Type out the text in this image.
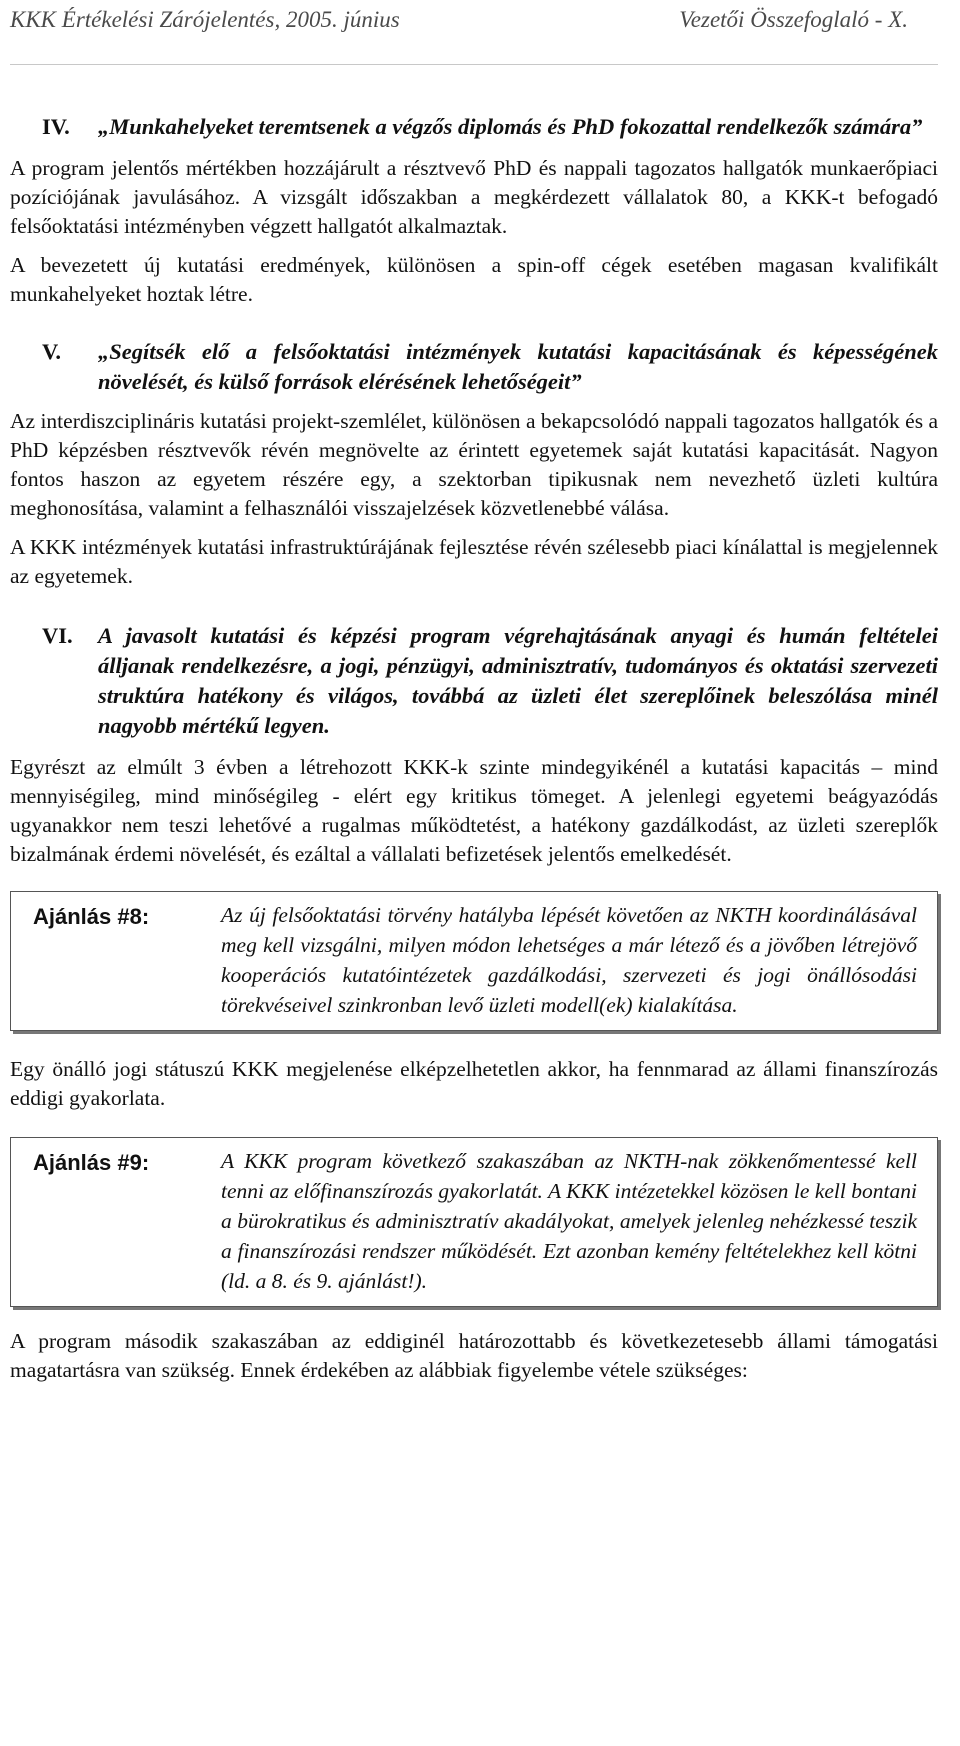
KKK Értékelési Zárójelentés, 2005. június	Vezetői Összefoglaló - X.
IV. „Munkahelyeket teremtsenek a végzős diplomás és PhD fokozattal rendelkezők számára”

A program jelentős mértékben hozzájárult a résztvevő PhD és nappali tagozatos hallgatók munkaerőpiaci pozíciójának javulásához. A vizsgált időszakban a megkérdezett vállalatok 80, a KKK-t befogadó felsőoktatási intézményben végzett hallgatót alkalmaztak.

A bevezetett új kutatási eredmények, különösen a spin-off cégek esetében magasan kvalifikált munkahelyeket hoztak létre.

V. „Segítsék elő a felsőoktatási intézmények kutatási kapacitásának és képességének növelését, és külső források elérésének lehetőségeit”

Az interdiszciplináris kutatási projekt-szemlélet, különösen a bekapcsolódó nappali tagozatos hallgatók és a PhD képzésben résztvevők révén megnövelte az érintett egyetemek saját kutatási kapacitását. Nagyon fontos haszon az egyetem részére egy, a szektorban tipikusnak nem nevezhető üzleti kultúra meghonosítása, valamint a felhasználói visszajelzések közvetlenebbé válása.

A KKK intézmények kutatási infrastruktúrájának fejlesztése révén szélesebb piaci kínálattal is megjelennek az egyetemek.

VI. A javasolt kutatási és képzési program végrehajtásának anyagi és humán feltételei álljanak rendelkezésre, a jogi, pénzügyi, adminisztratív, tudományos és oktatási szervezeti struktúra hatékony és világos, továbbá az üzleti élet szereplőinek beleszólása minél nagyobb mértékű legyen.

Egyrészt az elmúlt 3 évben a létrehozott KKK-k szinte mindegyikénél a kutatási kapacitás – mind mennyiségileg, mind minőségileg - elért egy kritikus tömeget. A jelenlegi egyetemi beágyazódás ugyanakkor nem teszi lehetővé a rugalmas működtetést, a hatékony gazdálkodást, az üzleti szereplők bizalmának érdemi növelését, és ezáltal a vállalati befizetések jelentős emelkedését.

Ajánlás #8:	Az új felsőoktatási törvény hatályba lépését követően az NKTH koordinálásával meg kell vizsgálni, milyen módon lehetséges a már létező és a jövőben létrejövő kooperációs kutatóintézetek gazdálkodási, szervezeti és jogi önállósodási törekvéseivel szinkronban levő üzleti modell(ek) kialakítása.

Egy önálló jogi státuszú KKK megjelenése elképzelhetetlen akkor, ha fennmarad az állami finanszírozás eddigi gyakorlata.

Ajánlás #9:	A KKK program következő szakaszában az NKTH-nak zökkenőmentessé kell tenni az előfinanszírozás gyakorlatát. A KKK intézetekkel közösen le kell bontani a bürokratikus és adminisztratív akadályokat, amelyek jelenleg nehézkessé teszik a finanszírozási rendszer működését. Ezt azonban kemény feltételekhez kell kötni (ld. a 8. és 9. ajánlást!).

A program második szakaszában az eddiginél határozottabb és következetesebb állami támogatási magatartásra van szükség. Ennek érdekében az alábbiak figyelembe vétele szükséges:
